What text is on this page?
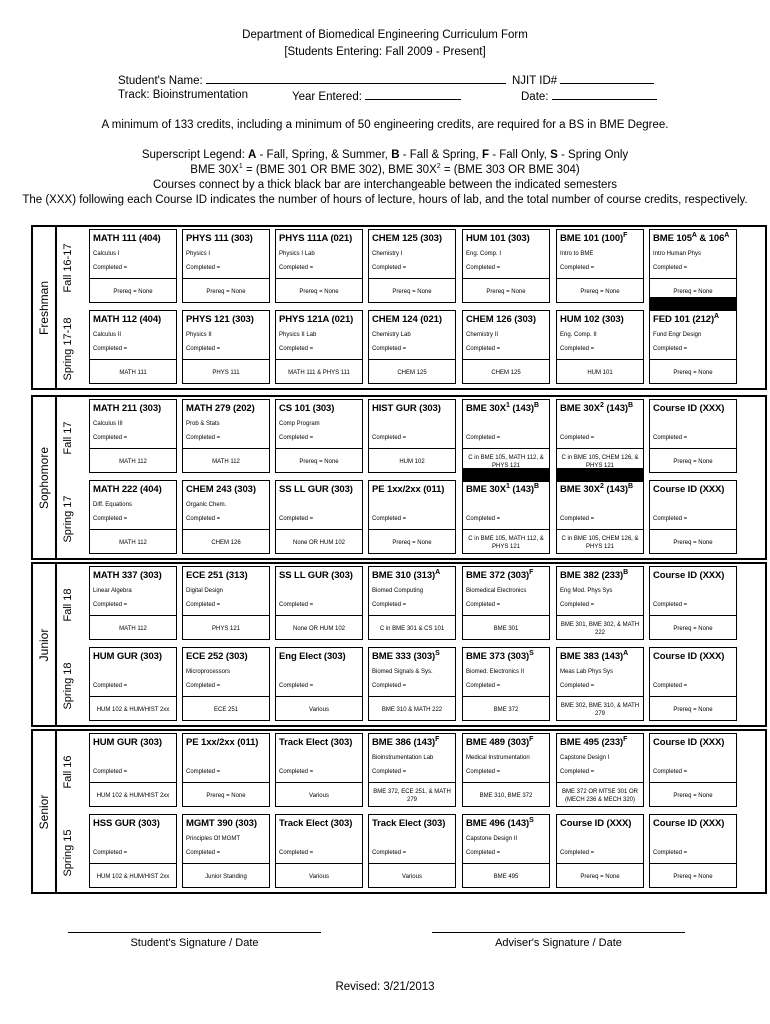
Department of Biomedical Engineering Curriculum Form
[Students Entering: Fall 2009 - Present]
Student's Name:	NJIT ID#
Track: Bioinstrumentation	Year Entered:	Date:
A minimum of 133 credits, including a minimum of 50 engineering credits, are required for a BS in BME Degree.
Superscript Legend: A - Fall, Spring, & Summer, B - Fall & Spring, F - Fall Only, S - Spring Only
BME $30X^1 = (BME$ 301 OR BME 302), BME $30X^2 = (BME$ 303 OR BME 304)
Courses connect by a thick black bar are interchangeable between the indicated semesters
The (XXX) following each Course ID indicates the number of hours of lecture, hours of lab, and the total number of course credits, respectively.
Freshman
Fall 16-17
Spring 17-18
MATH 111 (404)
Calculus I
Completed =
Prereq = None
PHYS 111 (303)
Physics I
Completed =
Prereq = None
PHYS 111A (021)
Physics I Lab
Completed =
Prereq = None
CHEM 125 (303)
Chemistry I
Completed =
Prereq = None
HUM 101 (303)
Eng. Comp. I
Completed =
Prereq = None
BME 101 $(100)^F$
Intro to BME
Completed =
Prereq = None
BME $105^A$ & $106^A$
Intro Human Phys
Completed =
Prereq = None
MATH 112 (404)
Calculus II
Completed =
MATH 111
PHYS 121 (303)
Physics II
Completed =
PHYS 111
PHYS 121A (021)
Physics II Lab
Completed =
MATH 111 & PHYS 111
CHEM 124 (021)
Chemistry Lab
Completed =
CHEM 125
CHEM 126 (303)
Chemistry II
Completed =
CHEM 125
HUM 102 (303)
Eng. Comp. II
Completed =
HUM 101
FED 101 $(212)^A$
Fund Engr Design
Completed =
Prereq = None
Sophomore
Fall 17
Spring 17
MATH 211 (303)
Calculus III
Completed =
MATH 112
MATH 279 (202)
Prob & Stats
Completed =
MATH 112
CS 101 (303)
Comp Program
Completed =
Prereq = None
HIST GUR (303)
Completed =
HUM 102
BME $30X^1$ $(143)^B$
Completed =
C in BME 105, MATH 112, & PHYS 121
BME $30X^2$ $(143)^B$
Completed =
C in BME 105, CHEM 126, & PHYS 121
Course ID (XXX)
Completed =
Prereq = None
MATH 222 (404)
Diff. Equations
Completed =
MATH 112
CHEM 243 (303)
Organic Chem.
Completed =
CHEM 126
SS LL GUR (303)
Completed =
None OR HUM 102
PE 1xx/2xx (011)
Completed =
Prereq = None
BME $30X^1$ $(143)^B$
Completed =
C in BME 105, MATH 112, & PHYS 121
BME $30X^2$ $(143)^B$
Completed =
C in BME 105, CHEM 126, & PHYS 121
Course ID (XXX)
Completed =
Prereq = None
Junior
Fall 18
Spring 18
MATH 337 (303)
Linear Algebra
Completed =
MATH 112
ECE 251 (313)
Digital Design
Completed =
PHYS 121
SS LL GUR (303)
Completed =
None OR HUM 102
BME 310 $(313)^A$
Biomed Computing
Completed =
C in BME 301 & CS 101
BME 372 $(303)^F$
Biomedical Electronics
Completed =
BME 301
BME 382 $(233)^B$
Eng Mod. Phys Sys
Completed =
BME 301, BME 302, & MATH 222
Course ID (XXX)
Completed =
Prereq = None
HUM GUR (303)
Completed =
HUM 102 & HUM/HIST 2xx
ECE 252 (303)
Microprocessors
Completed =
ECE 251
Eng Elect (303)
Completed =
Various
BME 333 $(303)^S$
Biomed Signals & Sys.
Completed =
BME 310 & MATH 222
BME 373 $(303)^S$
Biomed. Electronics II
Completed =
BME 372
BME 383 $(143)^A$
Meas Lab Phys Sys
Completed =
BME 302, BME 310, & MATH 279
Course ID (XXX)
Completed =
Prereq = None
Senior
Fall 16
Spring 15
HUM GUR (303)
Completed =
HUM 102 & HUM/HIST 2xx
PE 1xx/2xx (011)
Completed =
Prereq = None
Track Elect (303)
Completed =
Various
BME 386 $(143)^F$
Bioinstrumentation Lab
Completed =
BME 372, ECE 251, & MATH 279
BME 489 $(303)^F$
Medical Instrumentation
Completed =
BME 310, BME 372
BME 495 $(233)^F$
Capstone Design I
Completed =
BME 372 OR MTSE 301 OR (MECH 236 & MECH 320)
Course ID (XXX)
Completed =
Prereq = None
HSS GUR (303)
Completed =
HUM 102 & HUM/HIST 2xx
MGMT 390 (303)
Principles Of MGMT
Completed =
Junior Standing
Track Elect (303)
Completed =
Various
Track Elect (303)
Completed =
Various
BME 496 $(143)^S$
Capstone Design II
Completed =
BME 495
Course ID (XXX)
Completed =
Prereq = None
Course ID (XXX)
Completed =
Prereq = None
Student's Signature / Date	Adviser's Signature / Date
Revised: 3/21/2013
